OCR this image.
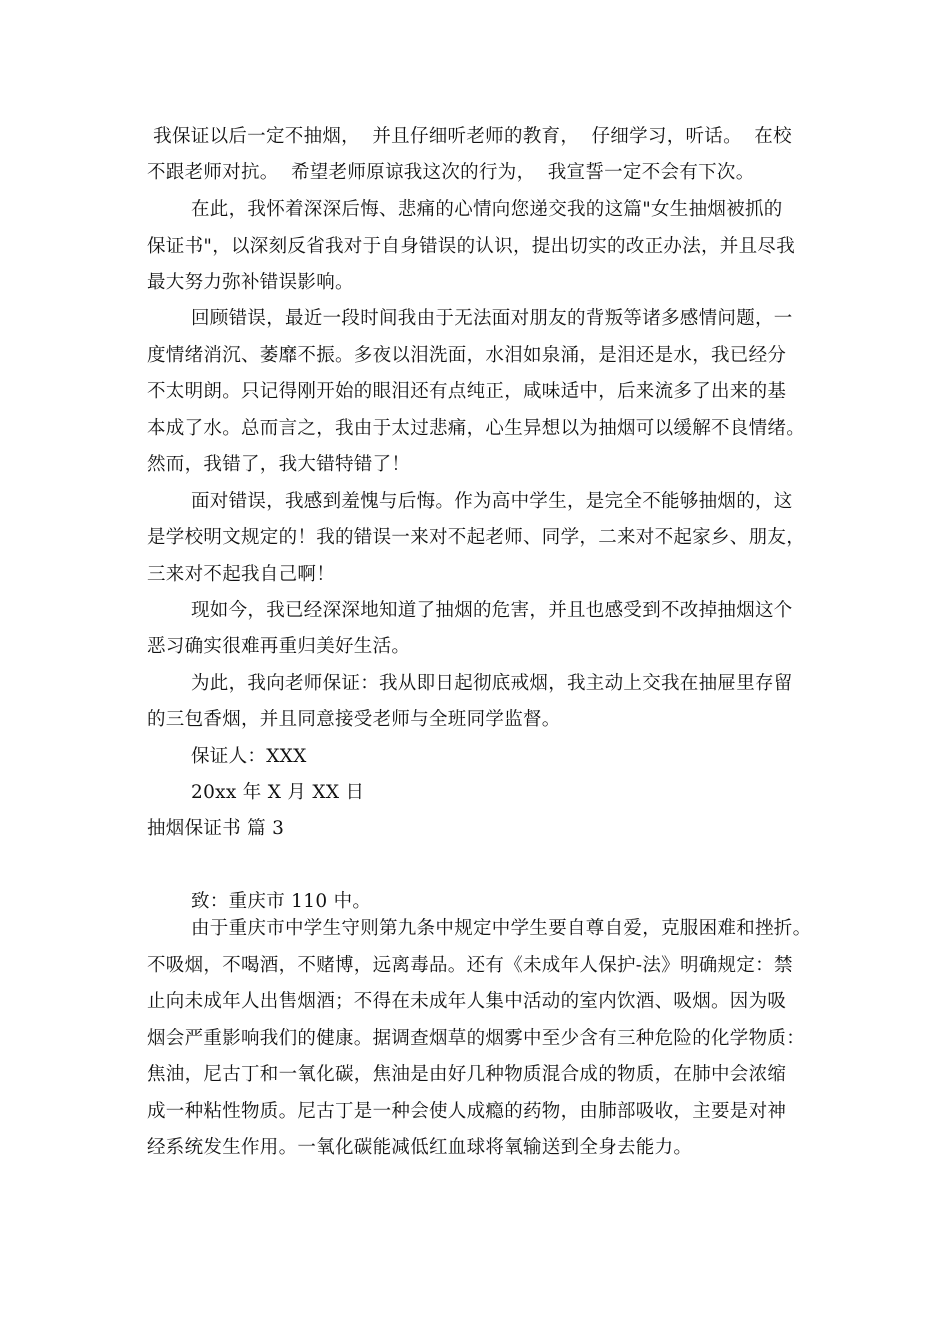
我保证以后一定不抽烟，  并且仔细听老师的教育，  仔细学习，听话。  在校
不跟老师对抗。  希望老师原谅我这次的行为，  我宣誓一定不会有下次。
在此，我怀着深深后悔、悲痛的心情向您递交我的这篇"女生抽烟被抓的
保证书"，以深刻反省我对于自身错误的认识，提出切实的改正办法，并且尽我
最大努力弥补错误影响。
回顾错误，最近一段时间我由于无法面对朋友的背叛等诸多感情问题，一
度情绪消沉、萎靡不振。多夜以泪洗面，水泪如泉涌，是泪还是水，我已经分
不太明朗。只记得刚开始的眼泪还有点纯正，咸味适中，后来流多了出来的基
本成了水。总而言之，我由于太过悲痛，心生异想以为抽烟可以缓解不良情绪。
然而，我错了，我大错特错了！
面对错误，我感到羞愧与后悔。作为高中学生，是完全不能够抽烟的，这
是学校明文规定的！我的错误一来对不起老师、同学，二来对不起家乡、朋友，
三来对不起我自己啊！
现如今，我已经深深地知道了抽烟的危害，并且也感受到不改掉抽烟这个
恶习确实很难再重归美好生活。
为此，我向老师保证：我从即日起彻底戒烟，我主动上交我在抽屉里存留
的三包香烟，并且同意接受老师与全班同学监督。
保证人：XXX
20xx 年 X 月 XX 日
抽烟保证书 篇 3
致：重庆市 110 中。
由于重庆市中学生守则第九条中规定中学生要自尊自爱，克服困难和挫折。
不吸烟，不喝酒，不赌博，远离毒品。还有《未成年人保护-法》明确规定：禁
止向未成年人出售烟酒；不得在未成年人集中活动的室内饮酒、吸烟。因为吸
烟会严重影响我们的健康。据调查烟草的烟雾中至少含有三种危险的化学物质：
焦油，尼古丁和一氧化碳，焦油是由好几种物质混合成的物质，在肺中会浓缩
成一种粘性物质。尼古丁是一种会使人成瘾的药物，由肺部吸收，主要是对神
经系统发生作用。一氧化碳能减低红血球将氧输送到全身去能力。
